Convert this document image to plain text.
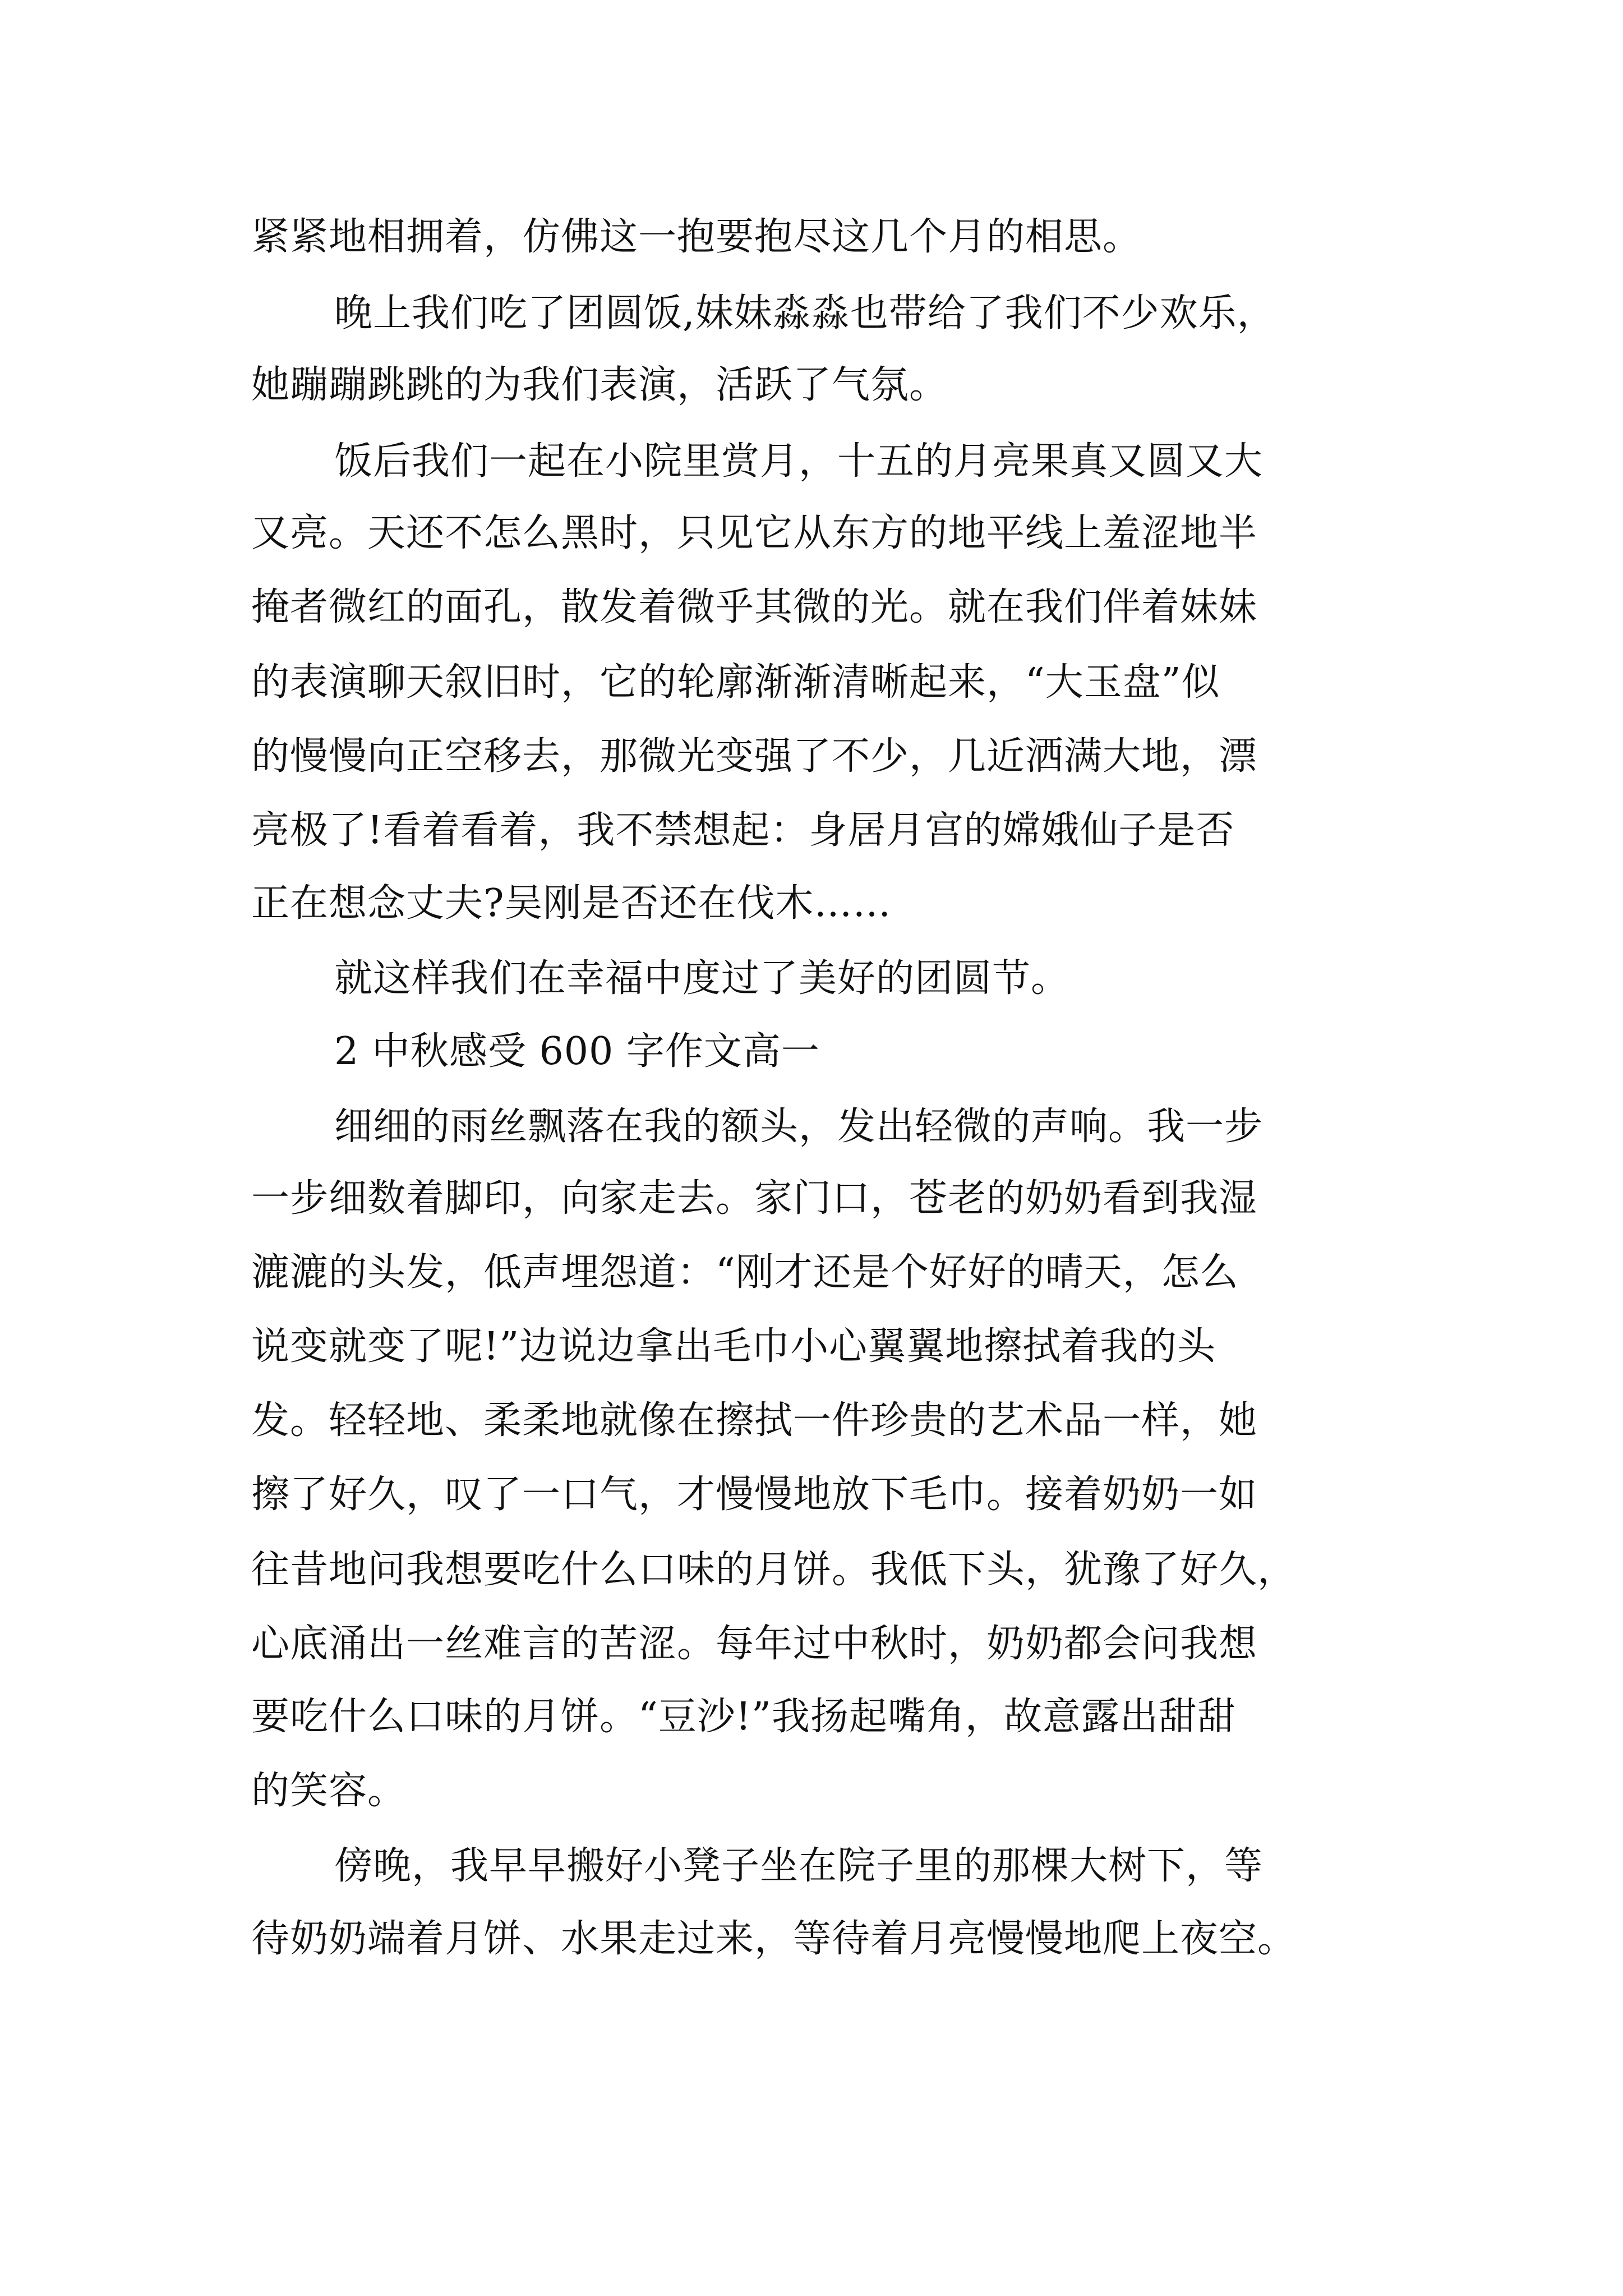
紧紧地相拥着，仿佛这一抱要抱尽这几个月的相思。
晚上我们吃了团圆饭,妹妹淼淼也带给了我们不少欢乐，
她蹦蹦跳跳的为我们表演，活跃了气氛。
饭后我们一起在小院里赏月，十五的月亮果真又圆又大
又亮。天还不怎么黑时，只见它从东方的地平线上羞涩地半
掩者微红的面孔，散发着微乎其微的光。就在我们伴着妹妹
的表演聊天叙旧时，它的轮廓渐渐清晰起来，“大玉盘”似
的慢慢向正空移去，那微光变强了不少，几近洒满大地，漂
亮极了!看着看着，我不禁想起：身居月宫的嫦娥仙子是否
正在想念丈夫?吴刚是否还在伐木……
就这样我们在幸福中度过了美好的团圆节。
2 中秋感受 600 字作文高一
细细的雨丝飘落在我的额头，发出轻微的声响。我一步
一步细数着脚印，向家走去。家门口，苍老的奶奶看到我湿
漉漉的头发，低声埋怨道：“刚才还是个好好的晴天，怎么
说变就变了呢!”边说边拿出毛巾小心翼翼地擦拭着我的头
发。轻轻地、柔柔地就像在擦拭一件珍贵的艺术品一样，她
擦了好久，叹了一口气，才慢慢地放下毛巾。接着奶奶一如
往昔地问我想要吃什么口味的月饼。我低下头，犹豫了好久，
心底涌出一丝难言的苦涩。每年过中秋时，奶奶都会问我想
要吃什么口味的月饼。“豆沙!”我扬起嘴角，故意露出甜甜
的笑容。
傍晚，我早早搬好小凳子坐在院子里的那棵大树下，等
待奶奶端着月饼、水果走过来，等待着月亮慢慢地爬上夜空。
